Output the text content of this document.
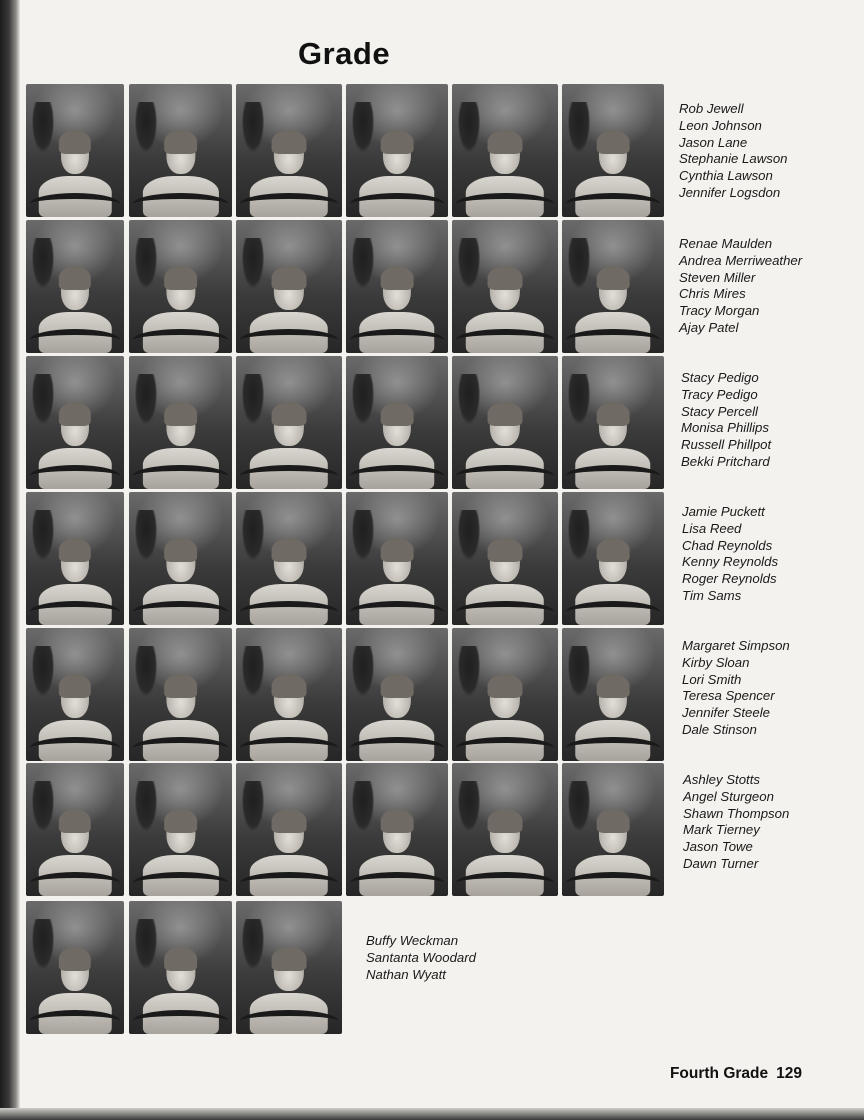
Grade
Rob Jewell
Leon Johnson
Jason Lane
Stephanie Lawson
Cynthia Lawson
Jennifer Logsdon
Renae Maulden
Andrea Merriweather
Steven Miller
Chris Mires
Tracy Morgan
Ajay Patel
Stacy Pedigo
Tracy Pedigo
Stacy Percell
Monisa Phillips
Russell Phillpot
Bekki Pritchard
Jamie Puckett
Lisa Reed
Chad Reynolds
Kenny Reynolds
Roger Reynolds
Tim Sams
Margaret Simpson
Kirby Sloan
Lori Smith
Teresa Spencer
Jennifer Steele
Dale Stinson
Ashley Stotts
Angel Sturgeon
Shawn Thompson
Mark Tierney
Jason Towe
Dawn Turner
Buffy Weckman
Santanta Woodard
Nathan Wyatt
Fourth Grade 129
